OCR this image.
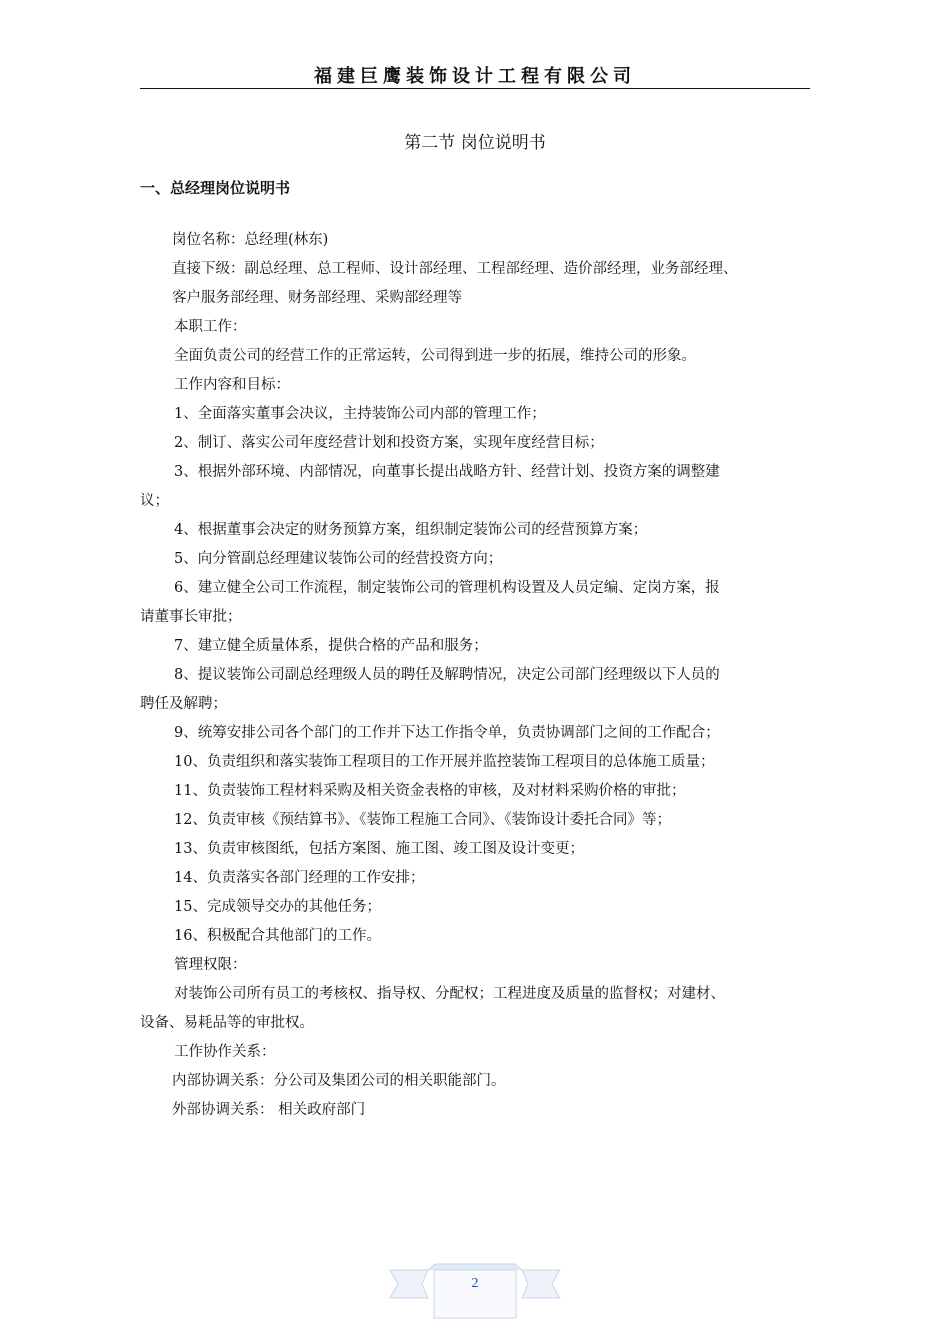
福建巨鹰装饰设计工程有限公司
第二节 岗位说明书
一、总经理岗位说明书
岗位名称：总经理(林东)
直接下级：副总经理、总工程师、设计部经理、工程部经理、造价部经理，业务部经理、
客户服务部经理、财务部经理、采购部经理等
本职工作：
全面负责公司的经营工作的正常运转，公司得到进一步的拓展，维持公司的形象。
工作内容和目标：
1、全面落实董事会决议，主持装饰公司内部的管理工作；
2、制订、落实公司年度经营计划和投资方案，实现年度经营目标；
3、根据外部环境、内部情况，向董事长提出战略方针、经营计划、投资方案的调整建
议；
4、根据董事会决定的财务预算方案，组织制定装饰公司的经营预算方案；
5、向分管副总经理建议装饰公司的经营投资方向；
6、建立健全公司工作流程，制定装饰公司的管理机构设置及人员定编、定岗方案，报
请董事长审批；
7、建立健全质量体系，提供合格的产品和服务；
8、提议装饰公司副总经理级人员的聘任及解聘情况，决定公司部门经理级以下人员的
聘任及解聘；
9、统筹安排公司各个部门的工作并下达工作指令单，负责协调部门之间的工作配合；
10、负责组织和落实装饰工程项目的工作开展并监控装饰工程项目的总体施工质量；
11、负责装饰工程材料采购及相关资金表格的审核，及对材料采购价格的审批；
12、负责审核《预结算书》、《装饰工程施工合同》、《装饰设计委托合同》等；
13、负责审核图纸，包括方案图、施工图、竣工图及设计变更；
14、负责落实各部门经理的工作安排；
15、完成领导交办的其他任务；
16、积极配合其他部门的工作。
管理权限：
对装饰公司所有员工的考核权、指导权、分配权；工程进度及质量的监督权；对建材、
设备、易耗品等的审批权。
工作协作关系：
内部协调关系：分公司及集团公司的相关职能部门。
外部协调关系： 相关政府部门
2
